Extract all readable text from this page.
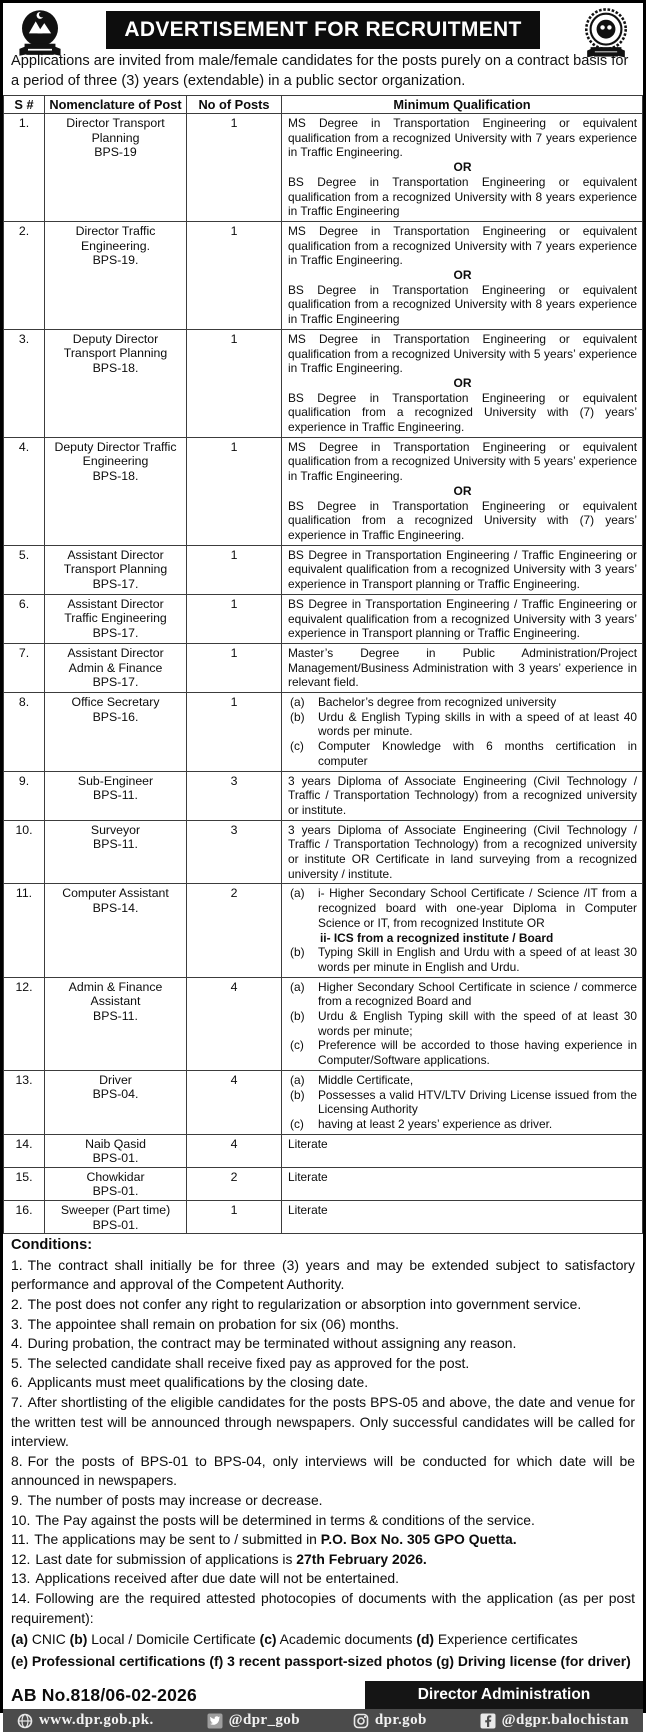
ADVERTISEMENT FOR RECRUITMENT
Applications are invited from male/female candidates for the posts purely on a contract basis for a period of three (3) years (extendable) in a public sector organization.
S #	Nomenclature of Post	No of Posts	Minimum Qualification
1.	Director Transport
Planning
BPS-19
	1	MS Degree in Transportation Engineering or equivalent qualification from a recognized University with 7 years experience in Traffic Engineering.
OR
BS Degree in Transportation Engineering or equivalent qualification from a recognized University with 8 years experience in Traffic Engineering

2.	Director Traffic
Engineering.
BPS-19.
	1	MS Degree in Transportation Engineering or equivalent qualification from a recognized University with 7 years experience in Traffic Engineering.
OR
BS Degree in Transportation Engineering or equivalent qualification from a recognized University with 8 years experience in Traffic Engineering

3.	Deputy Director
Transport Planning
BPS-18.
	1	MS Degree in Transportation Engineering or equivalent qualification from a recognized University with 5 years’ experience in Traffic Engineering.
OR
BS Degree in Transportation Engineering or equivalent qualification from a recognized University with (7) years’ experience in Traffic Engineering.

4.	Deputy Director Traffic
Engineering
BPS-18.
	1	MS Degree in Transportation Engineering or equivalent qualification from a recognized University with 5 years’ experience in Traffic Engineering.
OR
BS Degree in Transportation Engineering or equivalent qualification from a recognized University with (7) years’ experience in Traffic Engineering.

5.	Assistant Director
Transport Planning
BPS-17.	1	BS Degree in Transportation Engineering / Traffic Engineering or equivalent qualification from a recognized University with 3 years’ experience in Transport planning or Traffic Engineering.

6.	Assistant Director
Traffic Engineering
BPS-17.	1	BS Degree in Transportation Engineering / Traffic Engineering or equivalent qualification from a recognized University with 3 years’ experience in Transport planning or Traffic Engineering.

7.	Assistant Director
Admin & Finance
BPS-17.	1	Master’s Degree in Public Administration/Project Management/Business Administration with 3 years’ experience in relevant field.

8.	Office Secretary
BPS-16.
	1	(a)	Bachelor’s degree from recognized university
(b)	Urdu & English Typing skills in with a speed of at least 40 words per minute.
(c)	Computer Knowledge with 6 months certification in computer

9.	Sub-Engineer
BPS-11.	3	3 years Diploma of Associate Engineering (Civil Technology / Traffic / Transportation Technology) from a recognized university or institute.

10.	Surveyor
BPS-11.	3	3 years Diploma of Associate Engineering (Civil Technology / Traffic / Transportation Technology) from a recognized university or institute OR Certificate in land surveying from a recognized university / institute.

11.	Computer Assistant
BPS-14.
	2	(a)	i- Higher Secondary School Certificate / Science /IT from a recognized board with one-year Diploma in Computer Science or IT, from recognized Institute OR
ii- ICS from a recognized institute / Board
(b)	Typing Skill in English and Urdu with a speed of at least 30 words per minute in English and Urdu.

12.	Admin & Finance
Assistant
BPS-11.
	4	(a)	Higher Secondary School Certificate in science / commerce from a recognized Board and
(b)	Urdu & English Typing skill with the speed of at least 30 words per minute;
(c)	Preference will be accorded to those having experience in Computer/Software applications.

13.	Driver
BPS-04.
	4	(a)	Middle Certificate,
(b)	Possesses a valid HTV/LTV Driving License issued from the Licensing Authority
(c)	having at least 2 years’ experience as driver.

14.	Naib Qasid
BPS-01.	4	Literate

15.	Chowkidar
BPS-01.	2	Literate

16.	Sweeper (Part time)
BPS-01.	1	Literate
Conditions:
1. The contract shall initially be for three (3) years and may be extended subject to satisfactory performance and approval of the Competent Authority.
2. The post does not confer any right to regularization or absorption into government service.
3. The appointee shall remain on probation for six (06) months.
4. During probation, the contract may be terminated without assigning any reason.
5. The selected candidate shall receive fixed pay as approved for the post.
6. Applicants must meet qualifications by the closing date.
7. After shortlisting of the eligible candidates for the posts BPS-05 and above, the date and venue for the written test will be announced through newspapers. Only successful candidates will be called for interview.
8. For the posts of BPS-01 to BPS-04, only interviews will be conducted for which date will be announced in newspapers.
9. The number of posts may increase or decrease.
10. The Pay against the posts will be determined in terms & conditions of the service.
11. The applications may be sent to / submitted in P.O. Box No. 305 GPO Quetta.
12. Last date for submission of applications is 27th February 2026.
13. Applications received after due date will not be entertained.
14. Following are the required attested photocopies of documents with the application (as per post requirement):
(a) CNIC (b) Local / Domicile Certificate (c) Academic documents (d) Experience certificates
(e) Professional certifications (f) 3 recent passport-sized photos (g) Driving license (for driver)
AB No.818/06-02-2026	Director Administration
www.dpr.gob.pk.	@dpr_gob	dpr.gob	@dgpr.balochistan
